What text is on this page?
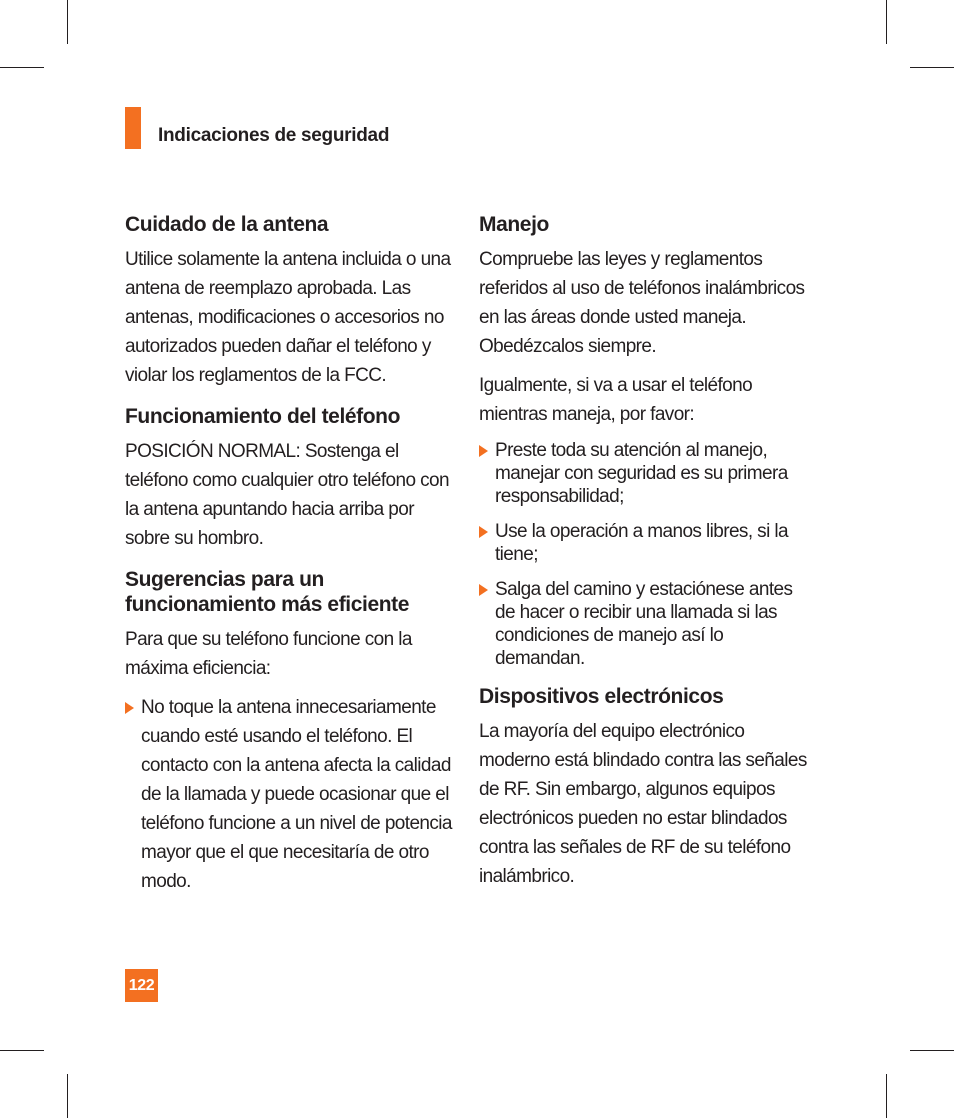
Indicaciones de seguridad
Cuidado de la antena

Utilice solamente la antena incluida o una antena de reemplazo aprobada. Las antenas, modificaciones o accesorios no autorizados pueden dañar el teléfono y violar los reglamentos de la FCC.

Funcionamiento del teléfono

POSICIÓN NORMAL: Sostenga el teléfono como cualquier otro teléfono con la antena apuntando hacia arriba por sobre su hombro.

Sugerencias para un funcionamiento más eficiente

Para que su teléfono funcione con la máxima eficiencia:

No toque la antena innecesariamente cuando esté usando el teléfono. El contacto con la antena afecta la calidad de la llamada y puede ocasionar que el teléfono funcione a un nivel de potencia mayor que el que necesitaría de otro modo.
Manejo

Compruebe las leyes y reglamentos referidos al uso de teléfonos inalámbricos en las áreas donde usted maneja. Obedézcalos siempre.

Igualmente, si va a usar el teléfono mientras maneja, por favor:

Preste toda su atención al manejo, manejar con seguridad es su primera responsabilidad;
Use la operación a manos libres, si la tiene;
Salga del camino y estaciónese antes de hacer o recibir una llamada si las condiciones de manejo así lo demandan.
Dispositivos electrónicos

La mayoría del equipo electrónico moderno está blindado contra las señales de RF. Sin embargo, algunos equipos electrónicos pueden no estar blindados contra las señales de RF de su teléfono inalámbrico.

122
